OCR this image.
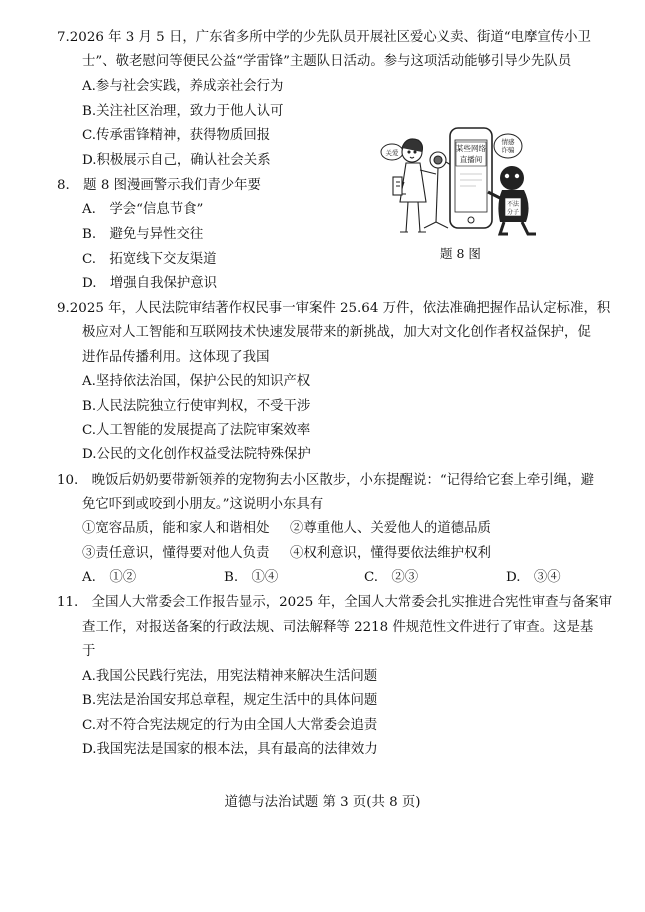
7.2026 年 3 月 5 日，广东省多所中学的少先队员开展社区爱心义卖、街道“电摩宣传小卫
士”、敬老慰问等便民公益“学雷锋”主题队日活动。参与这项活动能够引导少先队员
A.参与社会实践，养成亲社会行为
B.关注社区治理，致力于他人认可
C.传承雷锋精神，获得物质回报
D.积极展示自己，确认社会关系
8.　题 8 图漫画警示我们青少年要
A.　学会“信息节食”
B.　避免与异性交往
C.　拓宽线下交友渠道
D.　增强自我保护意识
关爱	某些网络
直播间
情感
诈骗
不法
分子
题 8 图
9.2025 年，人民法院审结著作权民事一审案件 25.64 万件，依法准确把握作品认定标准，积
极应对人工智能和互联网技术快速发展带来的新挑战，加大对文化创作者权益保护，促
进作品传播利用。这体现了我国
A.坚持依法治国，保护公民的知识产权
B.人民法院独立行使审判权，不受干涉
C.人工智能的发展提高了法院审案效率
D.公民的文化创作权益受法院特殊保护
10.　晚饭后奶奶要带新领养的宠物狗去小区散步，小东提醒说：“记得给它套上牵引绳，避
免它吓到或咬到小朋友。”这说明小东具有
①宽容品质，能和家人和谐相处 ②尊重他人、关爱他人的道德品质
③责任意识，懂得要对他人负责 ④权利意识，懂得要依法维护权利
A.　①②	B.　①④	C.　②③	D.　③④
11.　全国人大常委会工作报告显示，2025 年，全国人大常委会扎实推进合宪性审查与备案审
查工作，对报送备案的行政法规、司法解释等 2218 件规范性文件进行了审查。这是基
于
A.我国公民践行宪法，用宪法精神来解决生活问题
B.宪法是治国安邦总章程，规定生活中的具体问题
C.对不符合宪法规定的行为由全国人大常委会追责
D.我国宪法是国家的根本法，具有最高的法律效力
道德与法治试题 第 3 页(共 8 页)
